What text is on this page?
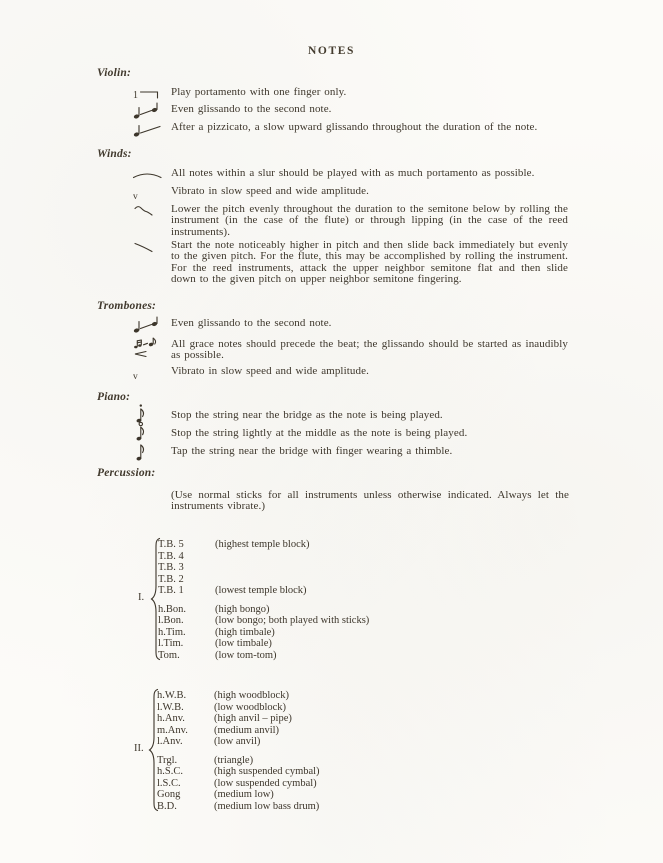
NOTES
Violin:
1	Play portamento with one finger only.
Even glissando to the second note.
After a pizzicato, a slow upward glissando throughout the duration of the note.
Winds:
All notes within a slur should be played with as much portamento as possible.
v	Vibrato in slow speed and wide amplitude.
Lower the pitch evenly throughout the duration to the semitone below by rolling the instrument (in the case of the flute) or through lipping (in the case of the reed instruments).
Start the note noticeably higher in pitch and then slide back immediately but evenly to the given pitch. For the flute, this may be accomplished by rolling the instrument. For the reed instruments, attack the upper neighbor semitone flat and then slide down to the given pitch on upper neighbor semitone fingering.
Trombones:
Even glissando to the second note.
All grace notes should precede the beat; the glissando should be started as inaudibly as possible.
v	Vibrato in slow speed and wide amplitude.
Piano:
Stop the string near the bridge as the note is being played.
Stop the string lightly at the middle as the note is being played.
Tap the string near the bridge with finger wearing a thimble.
Percussion:
(Use normal sticks for all instruments unless otherwise indicated. Always let the instruments vibrate.)
I.
T.B. 5	(highest temple block)
T.B. 4
T.B. 3
T.B. 2
T.B. 1	(lowest temple block)
h.Bon.	(high bongo)
l.Bon.	(low bongo; both played with sticks)
h.Tim.	(high timbale)
l.Tim.	(low timbale)
Tom.	(low tom-tom)
II.
h.W.B.	(high woodblock)
l.W.B.	(low woodblock)
h.Anv.	(high anvil – pipe)
m.Anv.	(medium anvil)
l.Anv.	(low anvil)
Trgl.	(triangle)
h.S.C.	(high suspended cymbal)
l.S.C.	(low suspended cymbal)
Gong	(medium low)
B.D.	(medium low bass drum)
